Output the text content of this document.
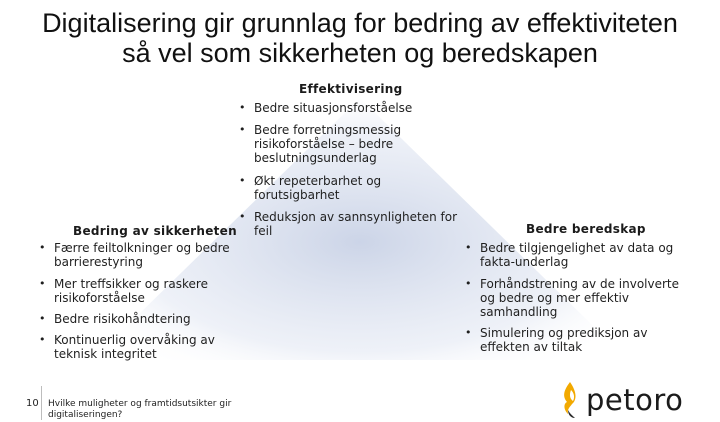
Digitalisering gir grunnlag for bedring av effektiviteten
så vel som sikkerheten og beredskapen
Effektivisering
• Bedre situasjonsforståelse
• Bedre forretningsmessig risikoforståelse – bedre beslutningsunderlag
• Økt repeterbarhet og forutsigbarhet
• Reduksjon av sannsynligheten for feil
Bedring av sikkerheten
• Færre feiltolkninger og bedre barrierestyring
• Mer treffsikker og raskere risikoforståelse
• Bedre risikohåndtering
• Kontinuerlig overvåking av teknisk integritet
Bedre beredskap
• Bedre tilgjengelighet av data og fakta-underlag
• Forhåndstrening av de involverte og bedre og mer effektiv samhandling
• Simulering og prediksjon av effekten av tiltak
10 Hvilke muligheter og framtidsutsikter gir digitaliseringen?	petoro
